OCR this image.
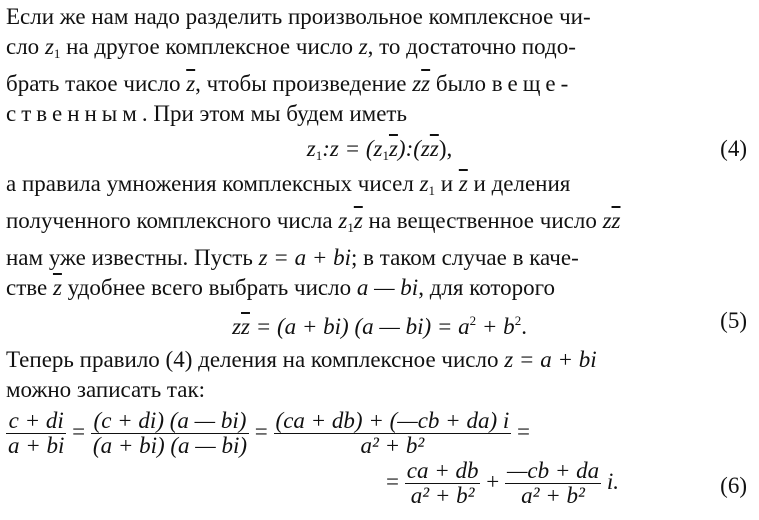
Если же нам надо разделить произвольное комплексное чи-
сло $z_1$ на другое комплексное число z, то достаточно подо-
брать такое число $\overline{z}$, чтобы произведение $z\overline{z}$ было веще-
ственным. При этом мы будем иметь

$z_1:z$ = $(z_1\overline{z}):(z\overline{z})$,	(4)

а правила умножения комплексных чисел $z_1$ и $\overline{z}$ и деления
полученного комплексного числа $z_1\overline{z}$ на вещественное число $z\overline{z}$
нам уже известны. Пусть z = a + bi; в таком случае в каче-
стве $\overline{z}$ удобнее всего выбрать число a — bi, для которого

$z\overline{z} = (a + bi)$ (a — $bi) = a^2 + b^2$.	(5)

Теперь правило (4) деления на комплексное число z = a + bi
можно записать так:

$\frac{c + di}{a + bi} = \frac{(c + di) (a — bi)}{(a + bi) (a — bi)} = \frac{(ca + db) + (—cb + da) i}{\text{a² + b²}}$ =
= $\frac{ca + db}{\text{a² + b²}} + \frac{—cb + da}{\text{a² + b²}} i$.	(6)
